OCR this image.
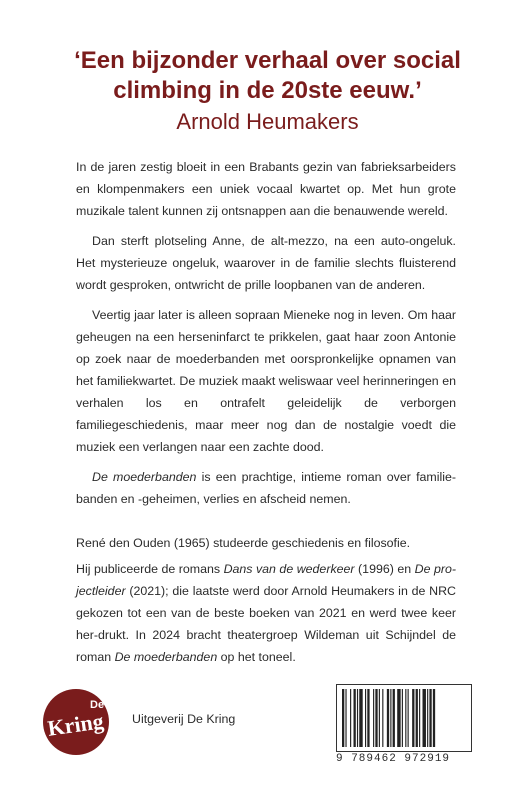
‘Een bijzonder verhaal over social
climbing in de 20ste eeuw.’

Arnold Heumakers

In de jaren zestig bloeit in een Brabants gezin van fabrieksarbeiders en klompenmakers een uniek vocaal kwartet op. Met hun grote muzikale talent kunnen zij ontsnappen aan die benauwende wereld.

Dan sterft plotseling Anne, de alt-mezzo, na een auto-ongeluk. Het mysterieuze ongeluk, waarover in de familie slechts fluisterend wordt gesproken, ontwricht de prille loopbanen van de anderen.

Veertig jaar later is alleen sopraan Mieneke nog in leven. Om haar geheugen na een herseninfarct te prikkelen, gaat haar zoon Antonie op zoek naar de moederbanden met oorspronkelijke opnamen van het familiekwartet. De muziek maakt weliswaar veel herinneringen en verhalen los en ontrafelt geleidelijk de verborgen familiegeschiedenis, maar meer nog dan de nostalgie voedt die muziek een verlangen naar een zachte dood.

De moederbanden is een prachtige, intieme roman over familie-banden en -geheimen, verlies en afscheid nemen.

René den Ouden (1965) studeerde geschiedenis en filosofie.

Hij publiceerde de romans Dans van de wederkeer (1996) en De pro-jectleider (2021); die laatste werd door Arnold Heumakers in de NRC gekozen tot een van de beste boeken van 2021 en werd twee keer her-drukt. In 2024 bracht theatergroep Wildeman uit Schijndel de roman De moederbanden op het toneel.

De
Kring Uitgeverij De Kring
9 789462 972919
